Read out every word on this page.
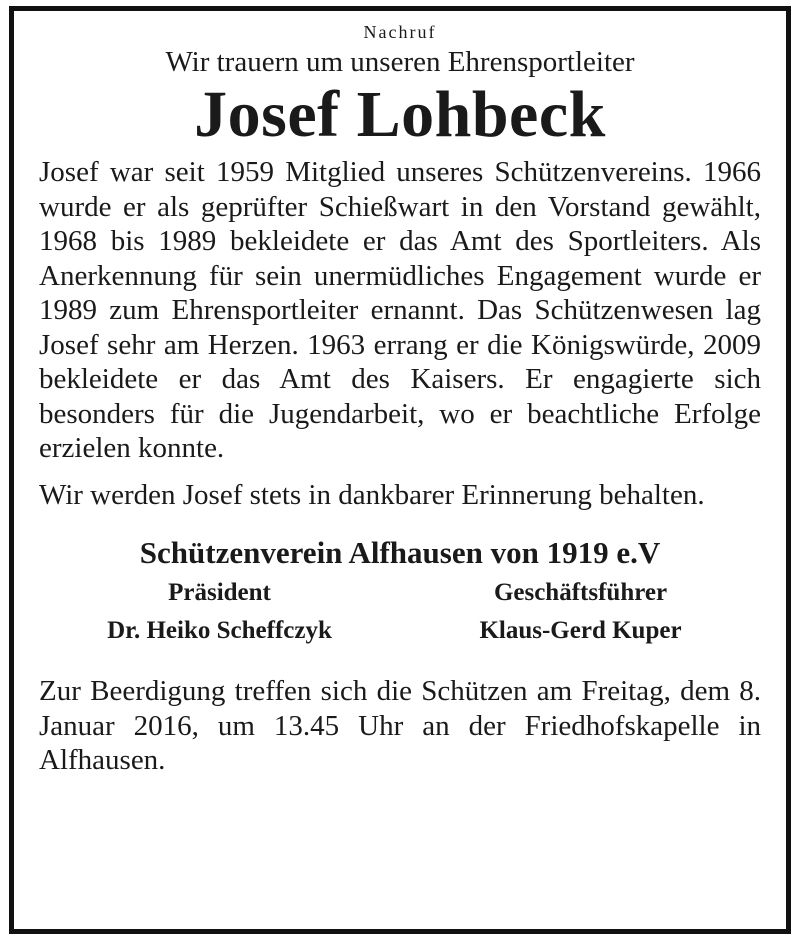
Nachruf
Wir trauern um unseren Ehrensportleiter
Josef Lohbeck

Josef war seit 1959 Mitglied unseres Schützenvereins. 1966 wurde er als geprüfter Schießwart in den Vorstand gewählt, 1968 bis 1989 bekleidete er das Amt des Sportleiters. Als Anerkennung für sein unermüdliches Engagement wurde er 1989 zum Ehrensportleiter ernannt. Das Schützenwesen lag Josef sehr am Herzen. 1963 errang er die Königswürde, 2009 bekleidete er das Amt des Kaisers. Er engagierte sich besonders für die Jugendarbeit, wo er beachtliche Erfolge erzielen konnte.

Wir werden Josef stets in dankbarer Erinnerung behalten.

Schützenverein Alfhausen von 1919 e.V
Präsident
Dr. Heiko Scheffczyk
Geschäftsführer
Klaus-Gerd Kuper

Zur Beerdigung treffen sich die Schützen am Freitag, dem 8. Januar 2016, um 13.45 Uhr an der Friedhofskapelle in Alfhausen.
